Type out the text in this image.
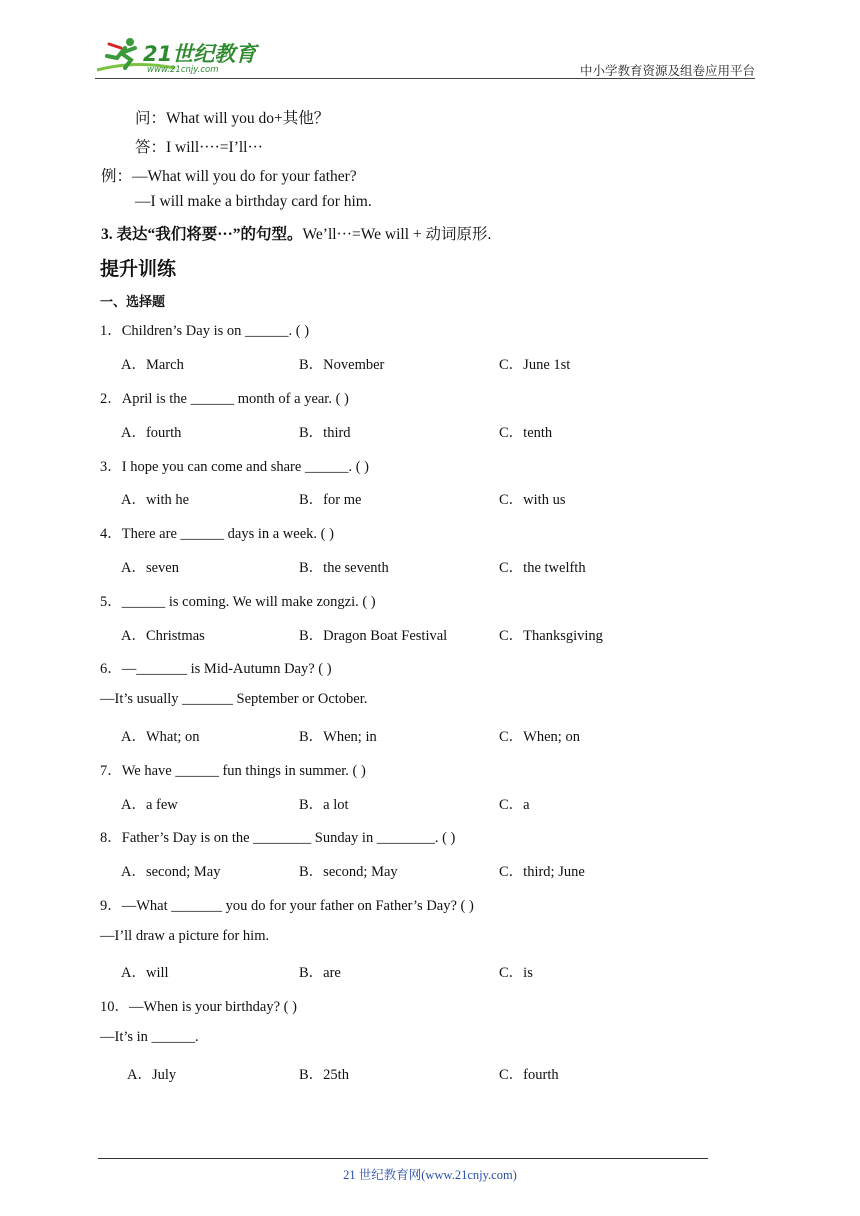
21世纪教育
www.21cnjy.com	中小学教育资源及组卷应用平台
问：What will you do+其他？
答：I will····=I’ll···
例：—What will you do for your father?
—I will make a birthday card for him.
3. 表达“我们将要···”的句型。We’ll···=We will + 动词原形.
提升训练
一、选择题
1．Children’s Day is on ______. ( )
A．March	B．November	C．June 1st
2．April is the ______ month of a year. ( )
A．fourth	B．third	C．tenth
3．I hope you can come and share ______. ( )
A．with he	B．for me	C．with us
4．There are ______ days in a week. ( )
A．seven	B．the seventh	C．the twelfth
5．______ is coming. We will make zongzi. ( )
A．Christmas	B．Dragon Boat Festival	C．Thanksgiving
6．—_______ is Mid-Autumn Day? ( )
—It’s usually _______ September or October.
A．What; on	B．When; in	C．When; on
7．We have ______ fun things in summer. ( )
A．a few	B．a lot	C．a
8．Father’s Day is on the ________ Sunday in ________. ( )
A．second; May	B．second; May	C．third; June
9．—What _______ you do for your father on Father’s Day? ( )
—I’ll draw a picture for him.
A．will	B．are	C．is
10．—When is your birthday? ( )
—It’s in ______.
A．July	B．25th	C．fourth
21 世纪教育网(www.21cnjy.com)
